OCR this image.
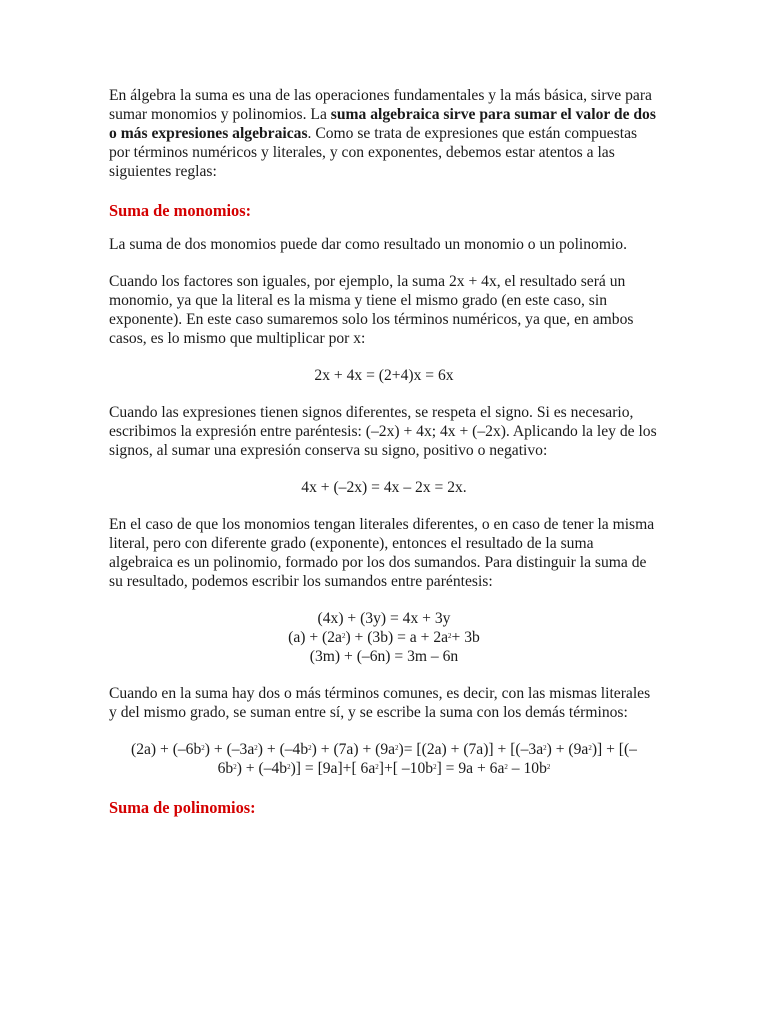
En álgebra la suma es una de las operaciones fundamentales y la más básica, sirve para sumar monomios y polinomios. La suma algebraica sirve para sumar el valor de dos o más expresiones algebraicas. Como se trata de expresiones que están compuestas por términos numéricos y literales, y con exponentes, debemos estar atentos a las siguientes reglas:

Suma de monomios:

La suma de dos monomios puede dar como resultado un monomio o un polinomio.

Cuando los factores son iguales, por ejemplo, la suma 2x + 4x, el resultado será un monomio, ya que la literal es la misma y tiene el mismo grado (en este caso, sin exponente). En este caso sumaremos solo los términos numéricos, ya que, en ambos casos, es lo mismo que multiplicar por x:

2x + 4x = (2+4)x = 6x

Cuando las expresiones tienen signos diferentes, se respeta el signo. Si es necesario, escribimos la expresión entre paréntesis: (–2x) + 4x; 4x + (–2x). Aplicando la ley de los signos, al sumar una expresión conserva su signo, positivo o negativo:

4x + (–2x) = 4x – 2x = 2x.

En el caso de que los monomios tengan literales diferentes, o en caso de tener la misma literal, pero con diferente grado (exponente), entonces el resultado de la suma algebraica es un polinomio, formado por los dos sumandos. Para distinguir la suma de su resultado, podemos escribir los sumandos entre paréntesis:

(4x) + (3y) = 4x + 3y

$(a) + (2a^2) + (3b) = a + 2a^2+ 3b$

(3m) + (–6n) = 3m – 6n

Cuando en la suma hay dos o más términos comunes, es decir, con las mismas literales y del mismo grado, se suman entre sí, y se escribe la suma con los demás términos:

$(2a) + (-6b^2) + (-3a^2) + (-4b^2) + (7a) + (9a^2)= [(2a) + (7a)] + [(-3a^2) + (9a^2)]$ + [(–
$6b^2) + (-4b^2)] = [9a]+$[ $6a^2]+$[ $-10b^2] = 9a + 6a^2 - 10b^2$

Suma de polinomios:
